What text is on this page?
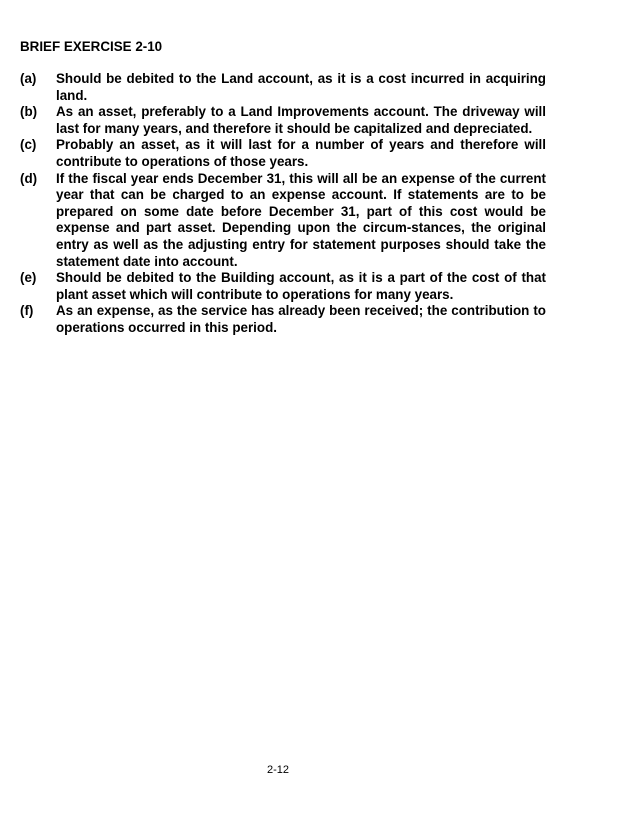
BRIEF EXERCISE 2-10
(a)	Should be debited to the Land account, as it is a cost incurred in acquiring land.
(b)	As an asset, preferably to a Land Improvements account. The driveway will last for many years, and therefore it should be capitalized and depreciated.
(c)	Probably an asset, as it will last for a number of years and therefore will contribute to operations of those years.
(d)	If the fiscal year ends December 31, this will all be an expense of the current year that can be charged to an expense account. If statements are to be prepared on some date before December 31, part of this cost would be expense and part asset. Depending upon the circum-stances, the original entry as well as the adjusting entry for statement purposes should take the statement date into account.
(e)	Should be debited to the Building account, as it is a part of the cost of that plant asset which will contribute to operations for many years.
(f)	As an expense, as the service has already been received; the contribution to operations occurred in this period.
2-12
